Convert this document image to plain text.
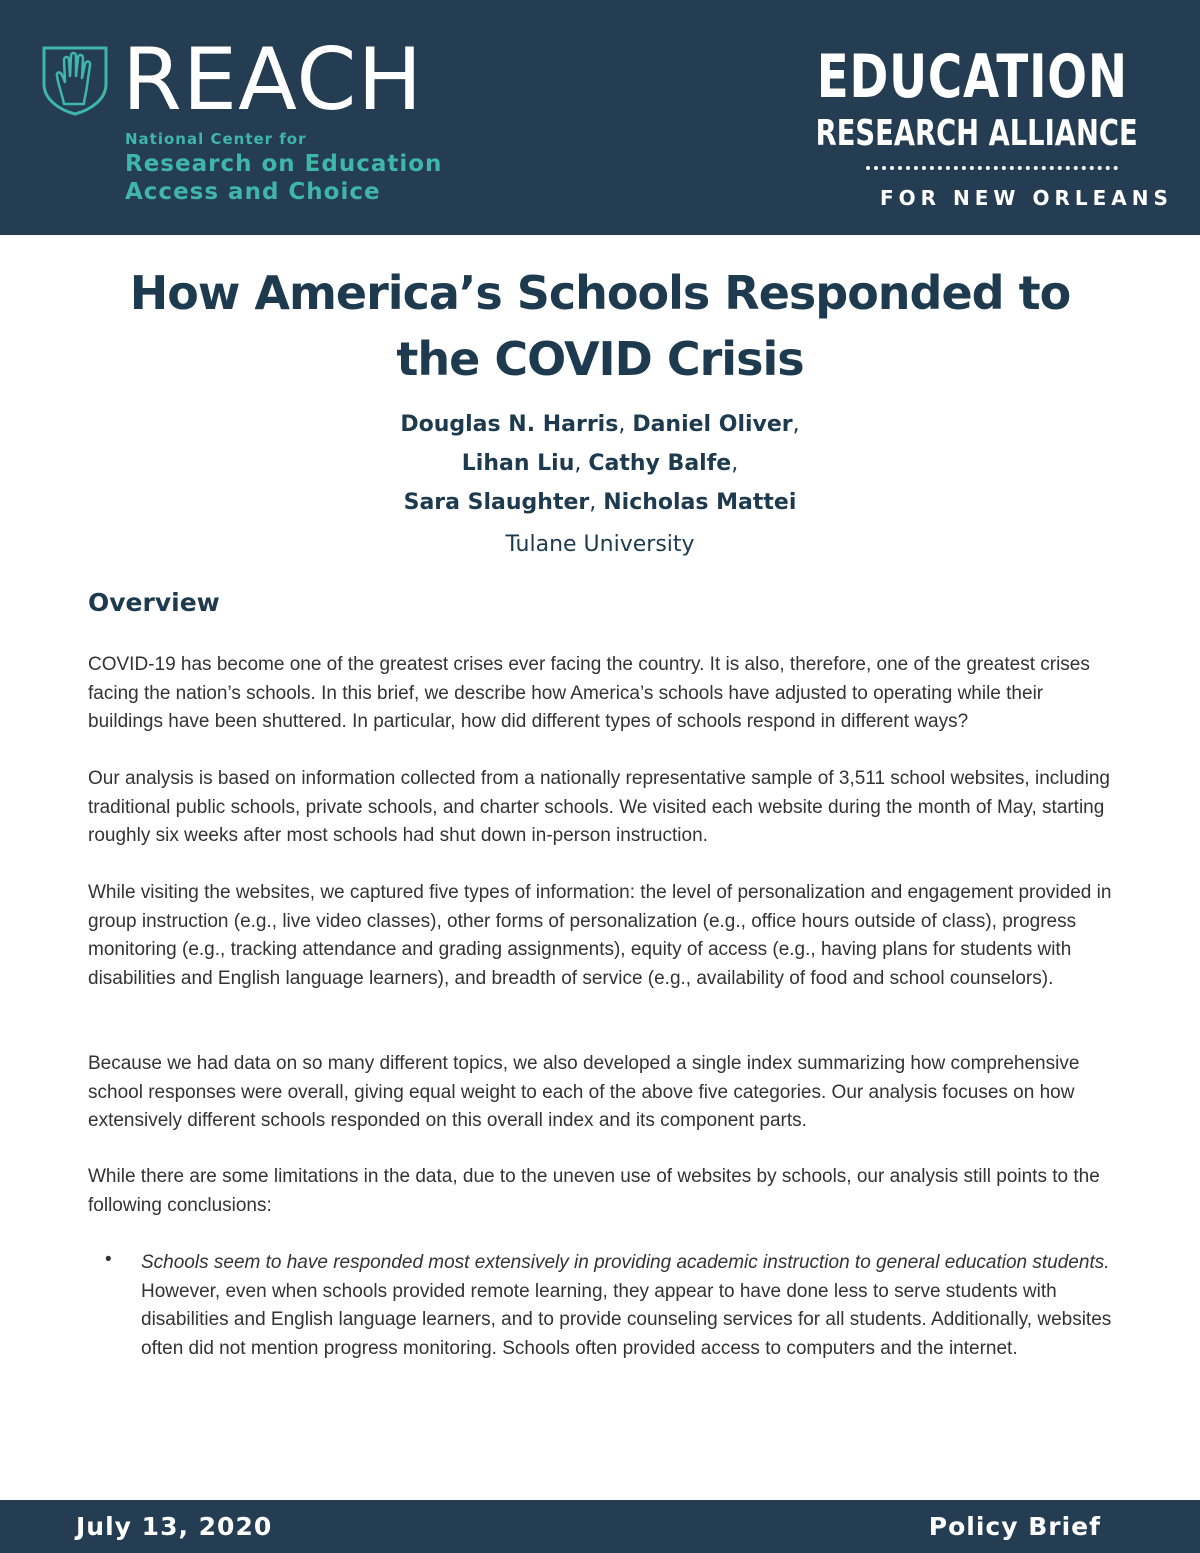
REACH
National Center for
Research on Education
Access and Choice
EDUCATION
RESEARCH ALLIANCE
FOR NEW ORLEANS
How America’s Schools Responded to
the COVID Crisis
Douglas N. Harris, Daniel Oliver,
Lihan Liu, Cathy Balfe,
Sara Slaughter, Nicholas Mattei
Tulane University
Overview

COVID-19 has become one of the greatest crises ever facing the country. It is also, therefore, one of the greatest crises facing the nation’s schools. In this brief, we describe how America’s schools have adjusted to operating while their buildings have been shuttered. In particular, how did different types of schools respond in different ways?

Our analysis is based on information collected from a nationally representative sample of 3,511 school websites, including traditional public schools, private schools, and charter schools. We visited each website during the month of May, starting roughly six weeks after most schools had shut down in-person instruction.

While visiting the websites, we captured five types of information: the level of personalization and engagement provided in group instruction (e.g., live video classes), other forms of personalization (e.g., office hours outside of class), progress monitoring (e.g., tracking attendance and grading assignments), equity of access (e.g., having plans for students with disabilities and English language learners), and breadth of service (e.g., availability of food and school counselors).

Because we had data on so many different topics, we also developed a single index summarizing how comprehensive school responses were overall, giving equal weight to each of the above five categories. Our analysis focuses on how extensively different schools responded on this overall index and its component parts.

While there are some limitations in the data, due to the uneven use of websites by schools, our analysis still points to the following conclusions:

• Schools seem to have responded most extensively in providing academic instruction to general education students. However, even when schools provided remote learning, they appear to have done less to serve students with disabilities and English language learners, and to provide counseling services for all students. Additionally, websites often did not mention progress monitoring. Schools often provided access to computers and the internet.

July 13, 2020	Policy Brief
